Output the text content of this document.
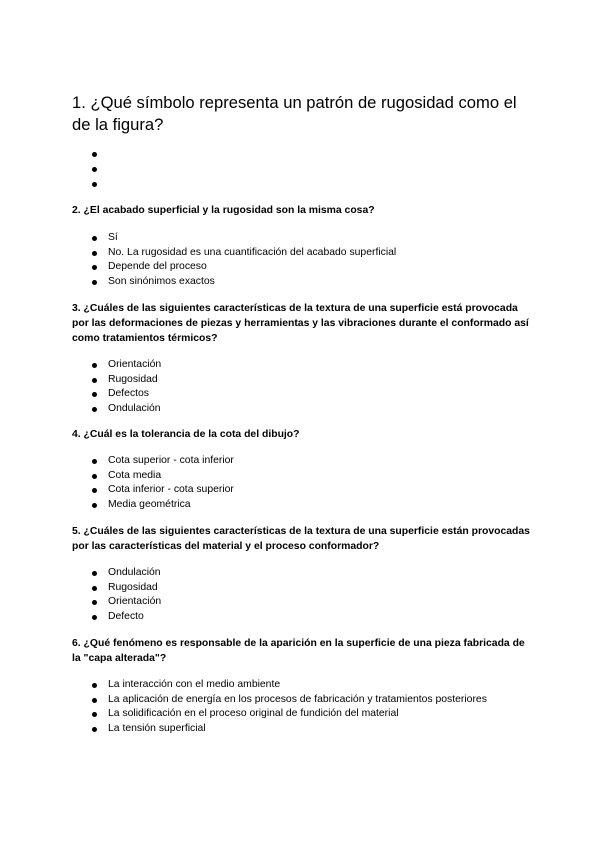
1. ¿Qué símbolo representa un patrón de rugosidad como el de la figura?

2. ¿El acabado superficial y la rugosidad son la misma cosa?

Sí
No. La rugosidad es una cuantificación del acabado superficial
Depende del proceso
Son sinónimos exactos

3. ¿Cuáles de las siguientes características de la textura de una superficie está provocada por las deformaciones de piezas y herramientas y las vibraciones durante el conformado así como tratamientos térmicos?

Orientación
Rugosidad
Defectos
Ondulación

4. ¿Cuál es la tolerancia de la cota del dibujo?

Cota superior - cota inferior
Cota media
Cota inferior - cota superior
Media geométrica

5. ¿Cuáles de las siguientes características de la textura de una superficie están provocadas por las características del material y el proceso conformador?

Ondulación
Rugosidad
Orientación
Defecto

6. ¿Qué fenómeno es responsable de la aparición en la superficie de una pieza fabricada de la "capa alterada"?

La interacción con el medio ambiente
La aplicación de energía en los procesos de fabricación y tratamientos posteriores
La solidificación en el proceso original de fundición del material
La tensión superficial
